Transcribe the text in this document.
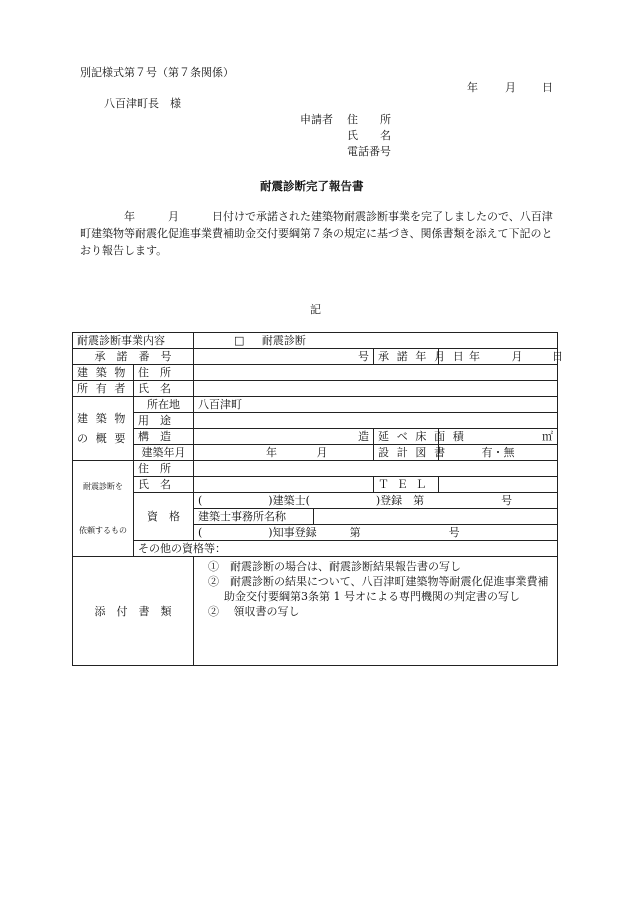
別記様式第７号（第７条関係）
年 月 日
八百津町長　様
申請者 住　　所
氏　　名
電話番号
耐震診断完了報告書
　　　　年　　　月　　　日付けで承諾された建築物耐震診断事業を完了しましたので、八百津町建築物等耐震化促進事業費補助金交付要綱第７条の規定に基づき、関係書類を添えて下記のとおり報告します。
記
耐震診断事業内容		□ 耐震診断			
承　諾　番　号		号		承諾年月日	年 月 日
建築物	住　所				
所有者	氏　名				

建築物
の概要	所在地	八百津町			
	用　途				
	構　造	造		延ベ床面積	㎡
	建築年月	年 月		設計図書	有・無

耐震診断を
依頼するもの	住　所				
	氏　名			ＴＥＬ	
	資　格	(　　　　　　)建築士(　　　　　　)登録　第　　　　　　　号			
		建築士事務所名称			
		(　　　　　　)知事登録　　　第　　　　　　　　号			
	その他の資格等：				
添　付　書　類		①　耐震診断の場合は、耐震診断結果報告書の写し
②　耐震診断の結果について、八百津町建築物等耐震化促進事業費補助金交付要綱第3条第 1 号オによる専門機関の判定書の写し
②　 領収書の写し			
